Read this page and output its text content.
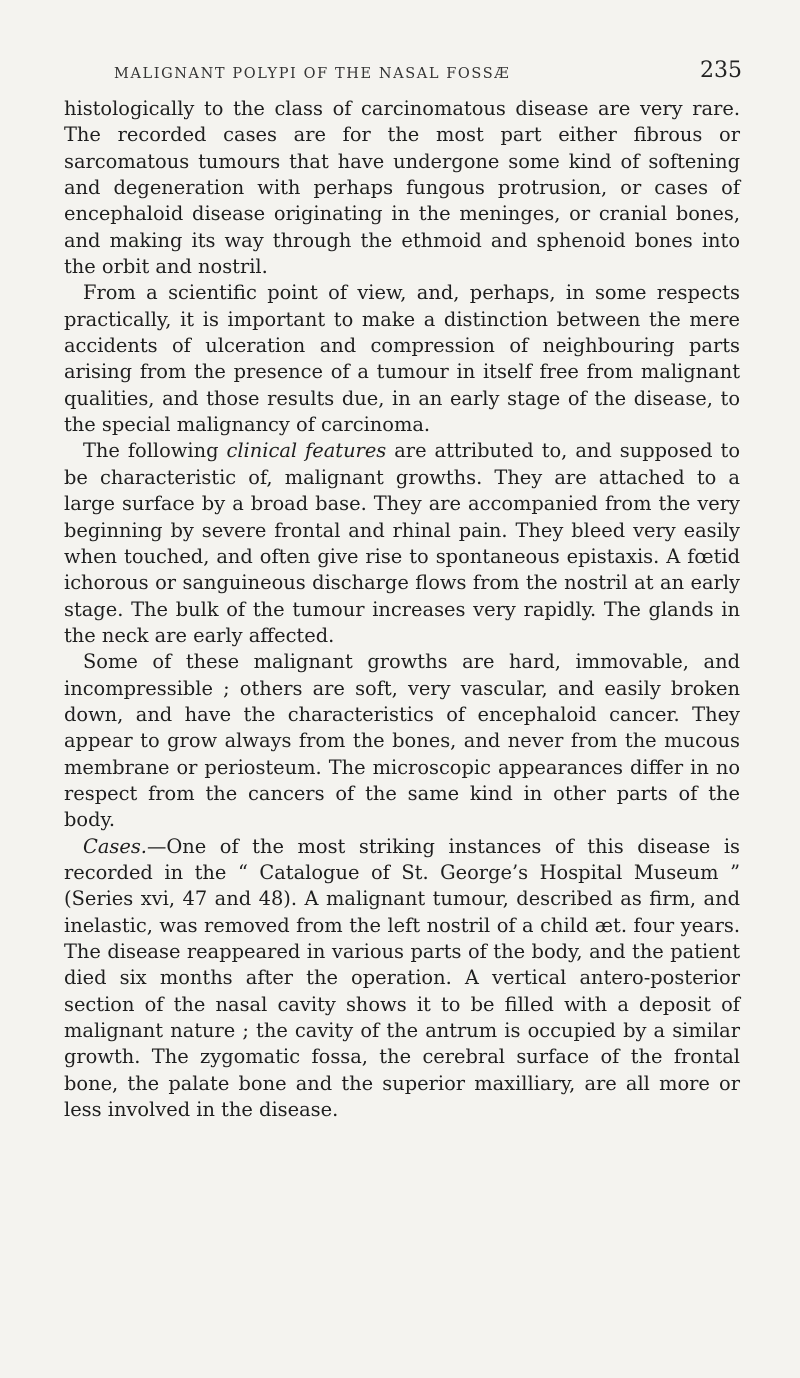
MALIGNANT POLYPI OF THE NASAL FOSSÆ	235

histologically to the class of carcinomatous disease are very rare. The recorded cases are for the most part either fibrous or sarcomatous tumours that have undergone some kind of softening and degeneration with perhaps fungous protrusion, or cases of encephaloid disease originating in the meninges, or cranial bones, and making its way through the ethmoid and sphenoid bones into the orbit and nostril.

From a scientific point of view, and, perhaps, in some respects practically, it is important to make a distinction between the mere accidents of ulceration and compression of neighbouring parts arising from the presence of a tumour in itself free from malignant qualities, and those results due, in an early stage of the disease, to the special malignancy of carcinoma.

The following clinical features are attributed to, and supposed to be characteristic of, malignant growths. They are attached to a large surface by a broad base. They are accompanied from the very beginning by severe frontal and rhinal pain. They bleed very easily when touched, and often give rise to spontaneous epistaxis. A fœtid ichorous or sanguineous discharge flows from the nostril at an early stage. The bulk of the tumour increases very rapidly. The glands in the neck are early affected.

Some of these malignant growths are hard, immovable, and incompressible ; others are soft, very vascular, and easily broken down, and have the characteristics of encephaloid cancer. They appear to grow always from the bones, and never from the mucous membrane or periosteum. The microscopic appearances differ in no respect from the cancers of the same kind in other parts of the body.

Cases.—One of the most striking instances of this disease is recorded in the “ Catalogue of St. George’s Hospital Museum ” (Series xvi, 47 and 48). A malignant tumour, described as firm, and inelastic, was removed from the left nostril of a child æt. four years. The disease reappeared in various parts of the body, and the patient died six months after the operation. A vertical antero-posterior section of the nasal cavity shows it to be filled with a deposit of malignant nature ; the cavity of the antrum is occupied by a similar growth. The zygomatic fossa, the cerebral surface of the frontal bone, the palate bone and the superior maxilliary, are all more or less involved in the disease.
